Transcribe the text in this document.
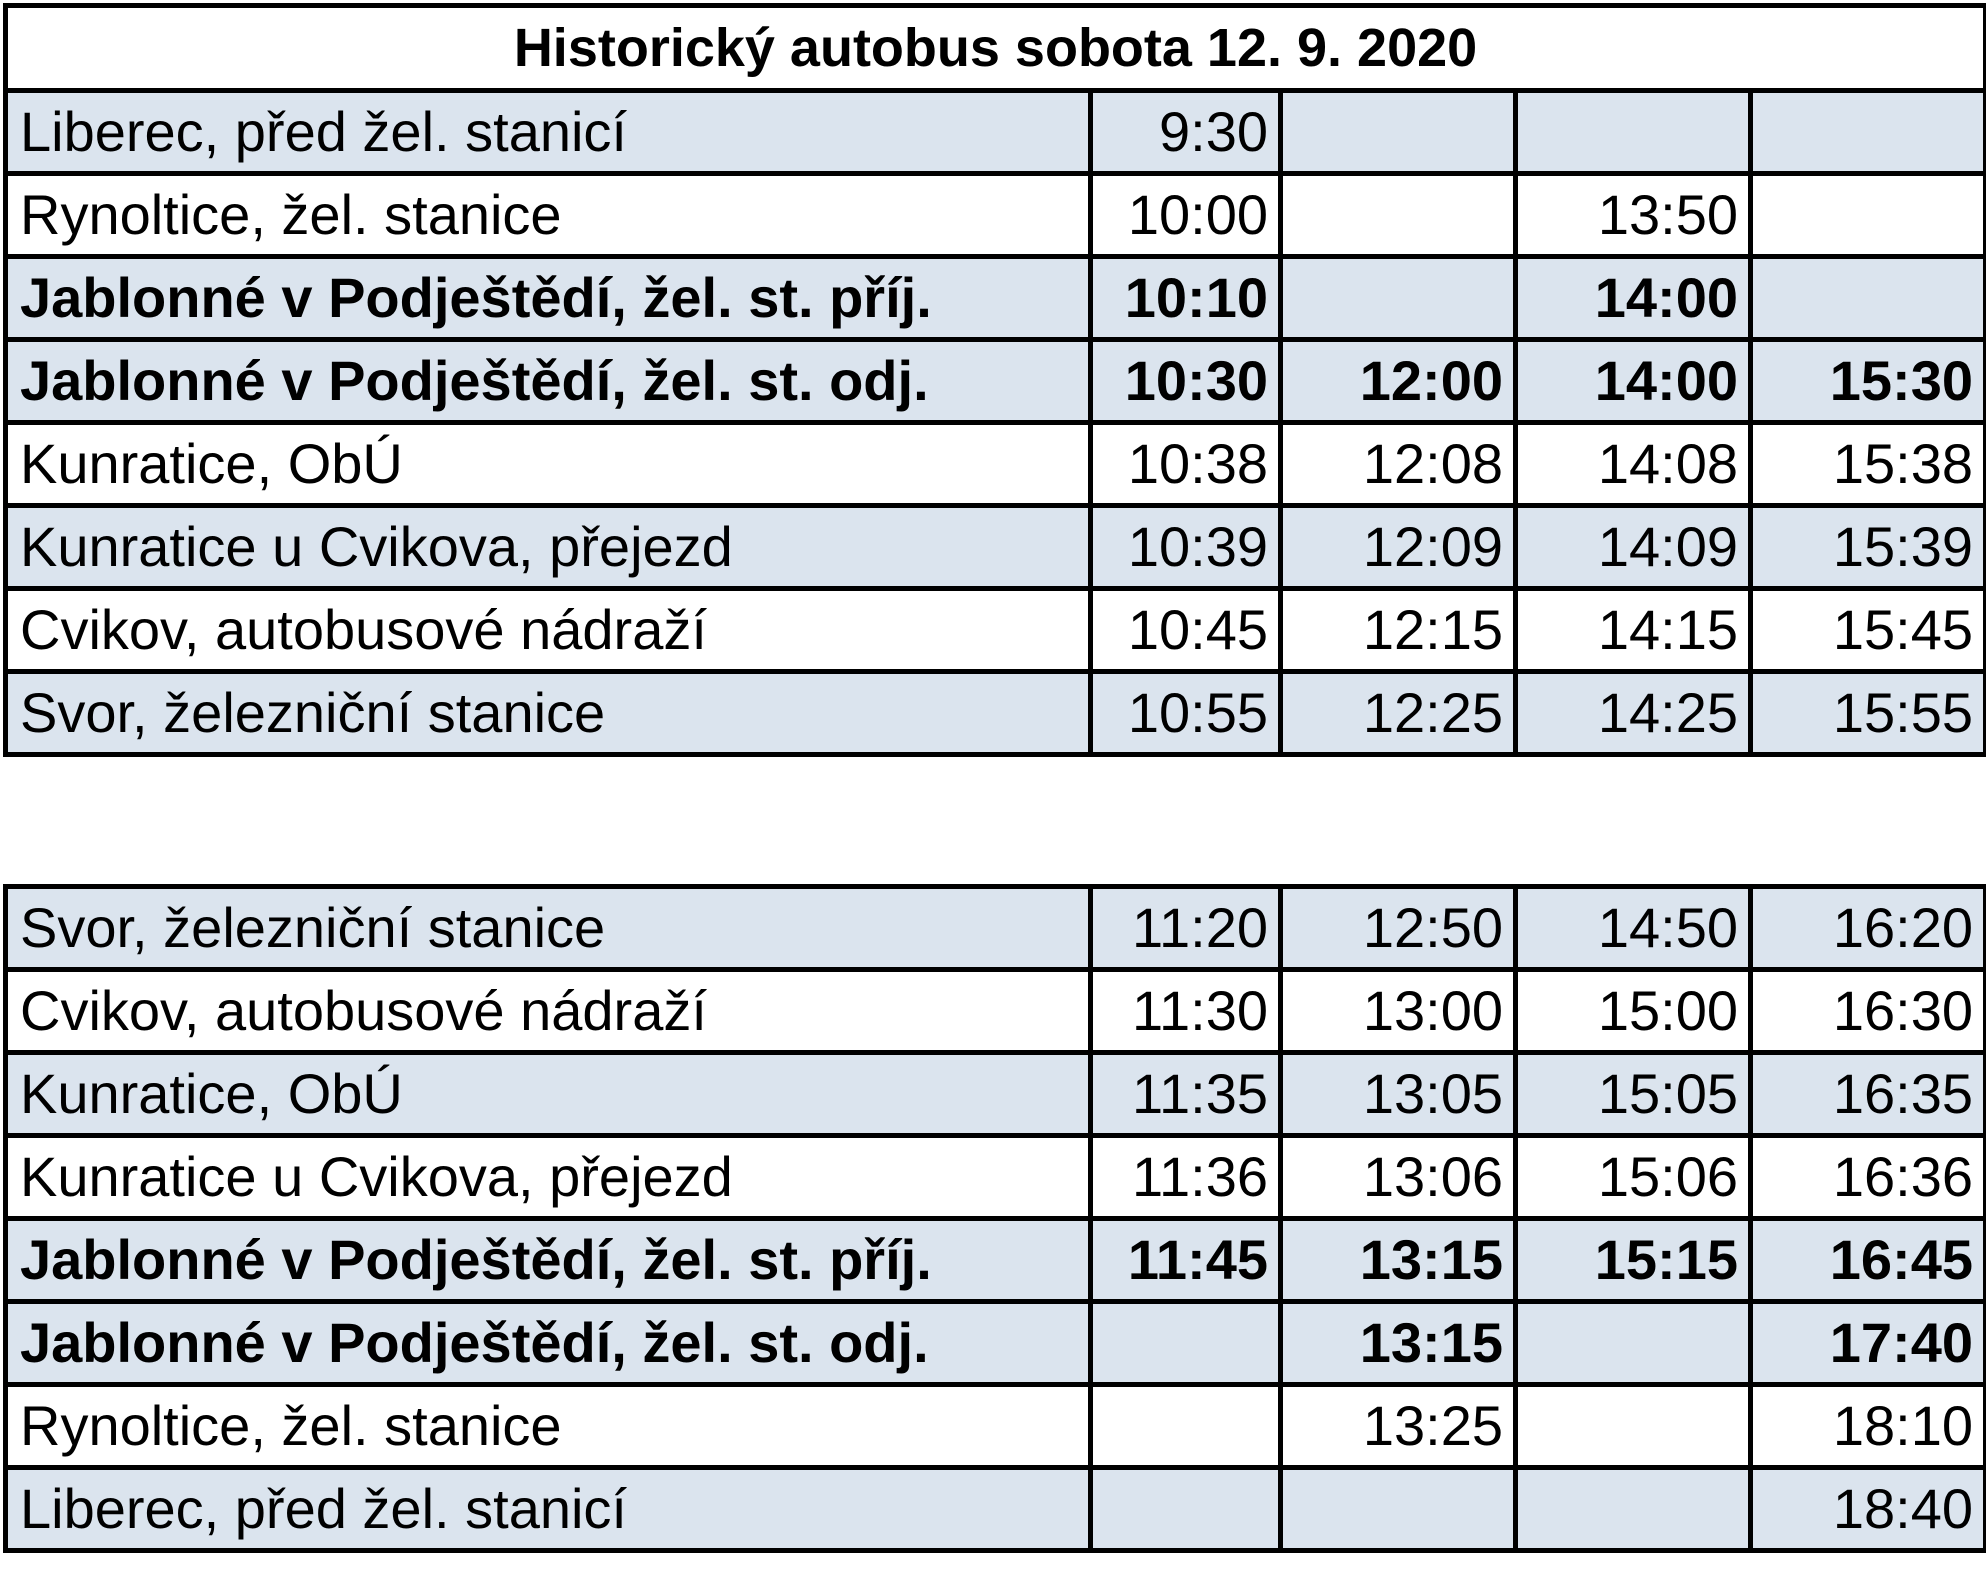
Historický autobus sobota 12. 9. 2020				
Liberec, před žel. stanicí	9:30			
Rynoltice, žel. stanice	10:00		13:50	
Jablonné v Podještědí, žel. st. příj.	10:10		14:00	
Jablonné v Podještědí, žel. st. odj.	10:30	12:00	14:00	15:30
Kunratice, ObÚ	10:38	12:08	14:08	15:38
Kunratice u Cvikova, přejezd	10:39	12:09	14:09	15:39
Cvikov, autobusové nádraží	10:45	12:15	14:15	15:45
Svor, železniční stanice	10:55	12:25	14:25	15:55
Svor, železniční stanice	11:20	12:50	14:50	16:20
Cvikov, autobusové nádraží	11:30	13:00	15:00	16:30
Kunratice, ObÚ	11:35	13:05	15:05	16:35
Kunratice u Cvikova, přejezd	11:36	13:06	15:06	16:36
Jablonné v Podještědí, žel. st. příj.	11:45	13:15	15:15	16:45
Jablonné v Podještědí, žel. st. odj.		13:15		17:40
Rynoltice, žel. stanice		13:25		18:10
Liberec, před žel. stanicí				18:40
